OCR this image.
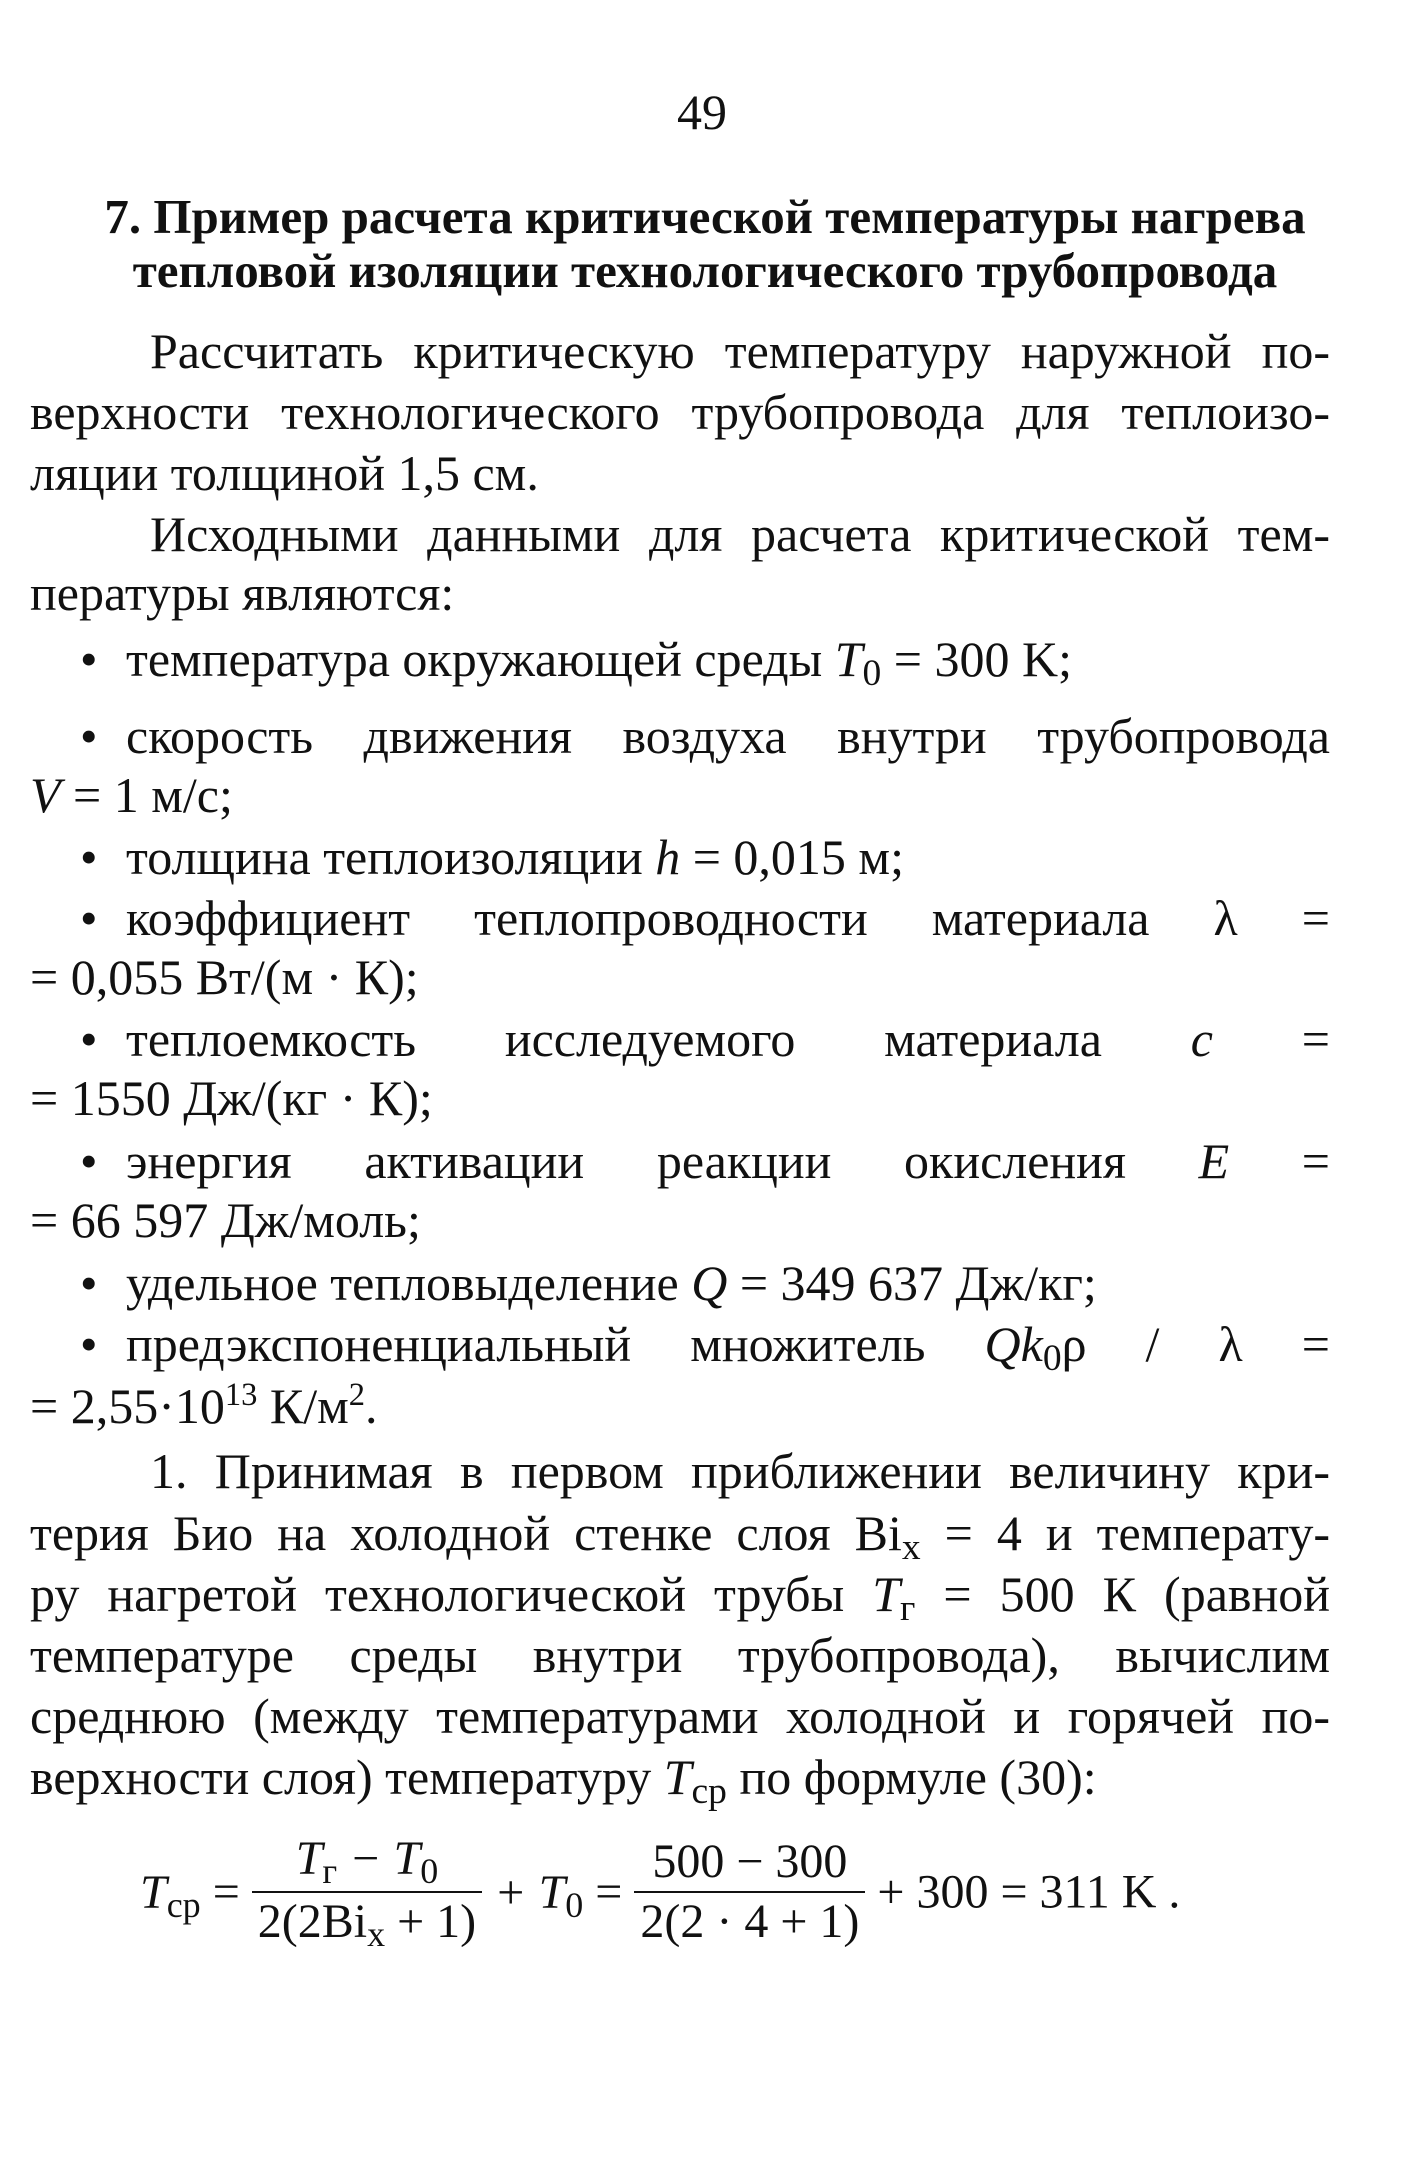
49
7. Пример расчета критической температуры нагрева
тепловой изоляции технологического трубопровода
Рассчитать критическую температуру наружной по-
верхности технологического трубопровода для теплоизо-
ляции толщиной 1,5 см.
Исходными данными для расчета критической тем-
пературы являются:
• температура окружающей среды T0 = 300 K;
• скорость движения воздуха внутри трубопровода
V = 1 м/с;
• толщина теплоизоляции h = 0,015 м;
• коэффициент теплопроводности материала λ =
= 0,055 Вт/(м · К);
• теплоемкость исследуемого материала c =
= 1550 Дж/(кг · К);
• энергия активации реакции окисления E =
= 66 597 Дж/моль;
• удельное тепловыделение Q = 349 637 Дж/кг;
• предэкспоненциальный множитель Qk0ρ / λ =
= $2,55\cdot 10^{13}$ $К/м^2$.
1. Принимая в первом приближении величину кри-
терия Био на холодной стенке слоя Bix = 4 и температу-
ру нагретой технологической трубы Tг = 500 К (равной
температуре среды внутри трубопровода), вычислим
среднюю (между температурами холодной и горячей по-
верхности слоя) температуру Tср по формуле (30):
Tср = $\frac{Tг - T0}{\text{2(2Bix + 1)}} + T0 = \frac{500 - 300}{2(2 \cdot 4 + 1)} + 300 = 311$ K .
